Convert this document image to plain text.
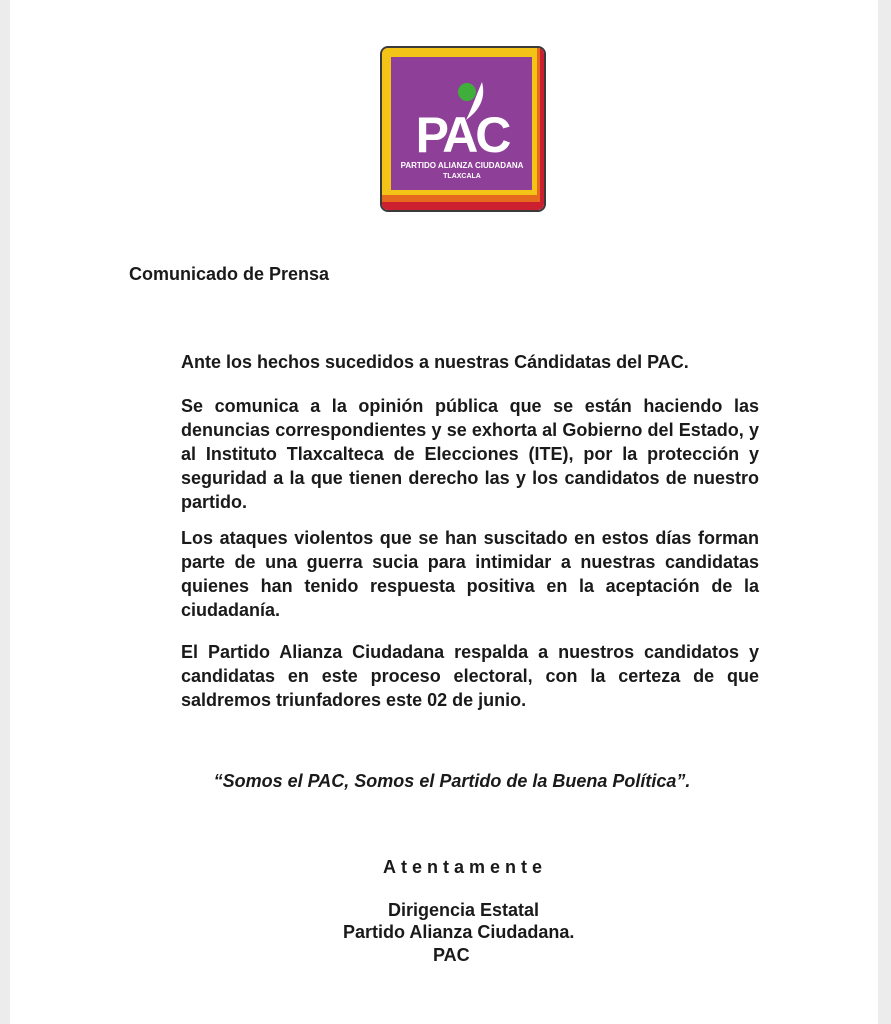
PAC
PARTIDO ALIANZA CIUDADANA
TLAXCALA

Comunicado de Prensa

Ante los hechos sucedidos a nuestras Cándidatas del PAC.

Se comunica a la opinión pública que se están haciendo las denuncias correspondientes y se exhorta al Gobierno del Estado, y al Instituto Tlaxcalteca de Elecciones (ITE), por la protección y seguridad a la que tienen derecho las y los candidatos de nuestro partido.

Los ataques violentos que se han suscitado en estos días forman parte de una guerra sucia para intimidar a nuestras candidatas quienes han tenido respuesta positiva en la aceptación de la ciudadanía.

El Partido Alianza Ciudadana respalda a nuestros candidatos y candidatas en este proceso electoral, con la certeza de que saldremos triunfadores este 02 de junio.

“Somos el PAC, Somos el Partido de la Buena Política”.

Atentamente

Dirigencia Estatal

Partido Alianza Ciudadana.

PAC
